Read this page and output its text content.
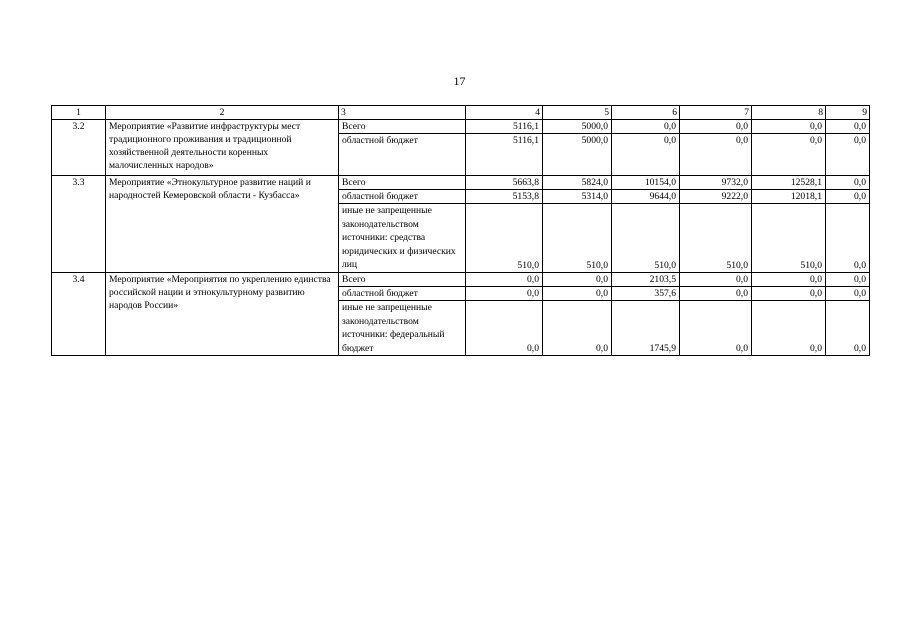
17
1	2	3	4	5	6	7	8	9
3.2	Мероприятие «Развитие инфраструктуры мест традиционного проживания и традиционной хозяйственной деятельности коренных малочисленных народов»	Всего	5116,1	5000,0	0,0	0,0	0,0	0,0
		областной бюджет	5116,1	5000,0	0,0	0,0	0,0	0,0
3.3	Мероприятие «Этнокультурное развитие наций и народностей Кемеровской области - Кузбасса»	Всего	5663,8	5824,0	10154,0	9732,0	12528,1	0,0
		областной бюджет	5153,8	5314,0	9644,0	9222,0	12018,1	0,0
		иные не запрещенные законодательством источники: средства юридических и физических лиц	510,0	510,0	510,0	510,0	510,0	0,0
3.4	Мероприятие «Мероприятия по укреплению единства российской нации и этнокультурному развитию народов России»	Всего	0,0	0,0	2103,5	0,0	0,0	0,0
		областной бюджет	0,0	0,0	357,6	0,0	0,0	0,0
		иные не запрещенные законодательством источники: федеральный бюджет	0,0	0,0	1745,9	0,0	0,0	0,0
